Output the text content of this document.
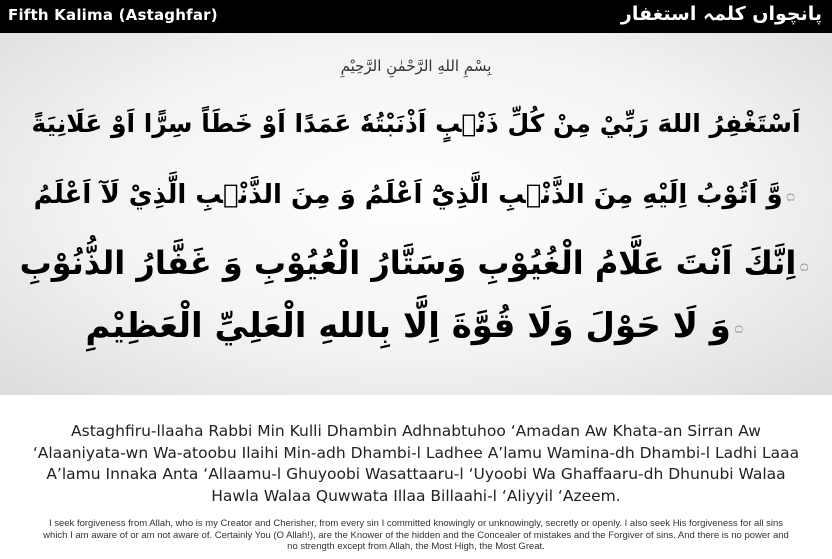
Fifth Kalima (Astaghfar)	پانچواں کلمہ استغفار
بِسْمِ اللهِ الرَّحْمٰنِ الرَّحِيْمِ
اَسْتَغْفِرُ اللهَ رَبِّيْ مِنْ كُلِّ ذَنْۢبٍ اَذْنَبْتُهٗ عَمَدًا اَوْ خَطَاً سِرًّا اَوْ عَلَانِيَةً
۝وَّ اَتُوْبُ اِلَيْهِ مِنَ الذَّنْۢبِ الَّذِيْٓ اَعْلَمُ وَ مِنَ الذَّنْۢبِ الَّذِيْ لَآ اَعْلَمُ
۝اِنَّكَ اَنْتَ عَلَّامُ الْغُيُوْبِ وَسَتَّارُ الْعُيُوْبِ وَ غَفَّارُ الذُّنُوْبِ
۝وَ لَا حَوْلَ وَلَا قُوَّةَ اِلَّا بِاللهِ الْعَلِيِّ الْعَظِيْمِ
Astaghfiru-llaaha Rabbi Min Kulli Dhambin Adhnabtuhoo ‘Amadan Aw Khata-an Sirran Aw ‘Alaaniyata-wn Wa-atoobu Ilaihi Min-adh Dhambi-l Ladhee A’lamu Wamina-dh Dhambi-l Ladhi Laaa A’lamu Innaka Anta ‘Allaamu-l Ghuyoobi Wasattaaru-l ‘Uyoobi Wa Ghaffaaru-dh Dhunubi Walaa Hawla Walaa Quwwata Illaa Billaahi-l ‘Aliyyil ‘Azeem.
I seek forgiveness from Allah, who is my Creator and Cherisher, from every sin I committed knowingly or unknowingly, secretly or openly. I also seek His forgiveness for all sins which I am aware of or am not aware of. Certainly You (O Allah!), are the Knower of the hidden and the Concealer of mistakes and the Forgiver of sins. And there is no power and no strength except from Allah, the Most High, the Most Great.
